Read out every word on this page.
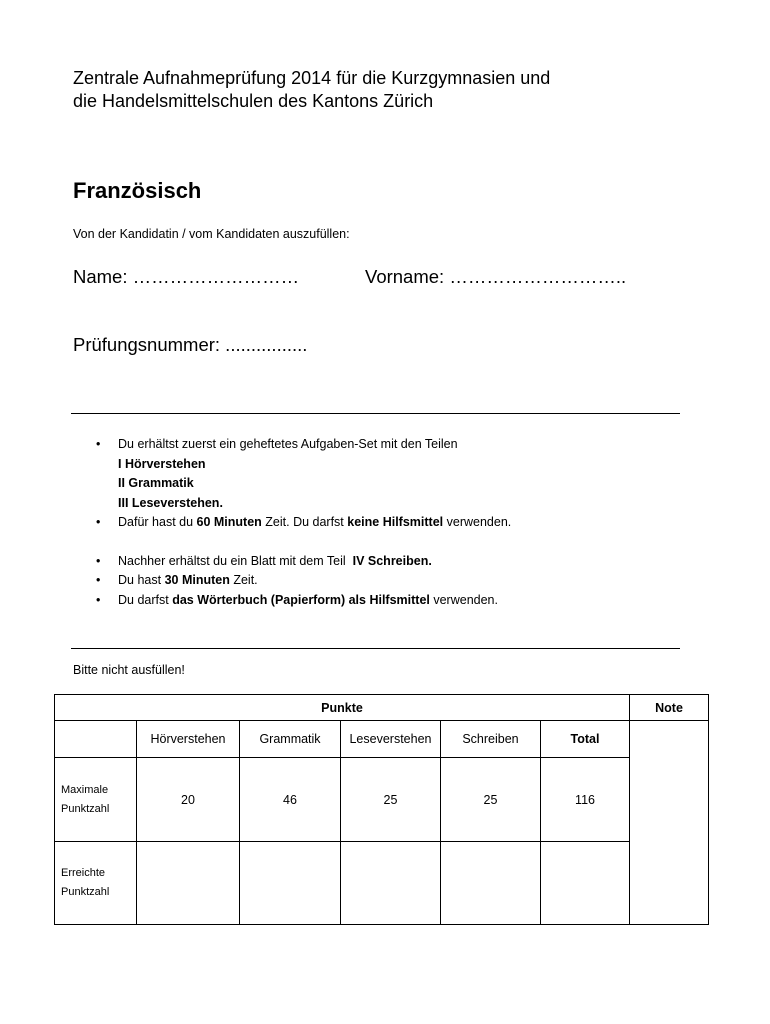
Zentrale Aufnahmeprüfung 2014 für die Kurzgymnasien und
die Handelsmittelschulen des Kantons Zürich
Französisch
Von der Kandidatin / vom Kandidaten auszufüllen:
Name: ………………………	Vorname: ………………………..
Prüfungsnummer: ................
• Du erhältst zuerst ein geheftetes Aufgaben-Set mit den Teilen
I Hörverstehen
II Grammatik
III Leseverstehen.
• Dafür hast du 60 Minuten Zeit. Du darfst keine Hilfsmittel verwenden.
• Nachher erhältst du ein Blatt mit dem Teil  IV Schreiben.
• Du hast 30 Minuten Zeit.
• Du darfst das Wörterbuch (Papierform) als Hilfsmittel verwenden.
Bitte nicht ausfüllen!
Punkte						Note
	Hörverstehen	Grammatik	Leseverstehen	Schreiben	Total	
Maximale
Punktzahl	20	46	25	25	116	
Erreichte
Punktzahl						
